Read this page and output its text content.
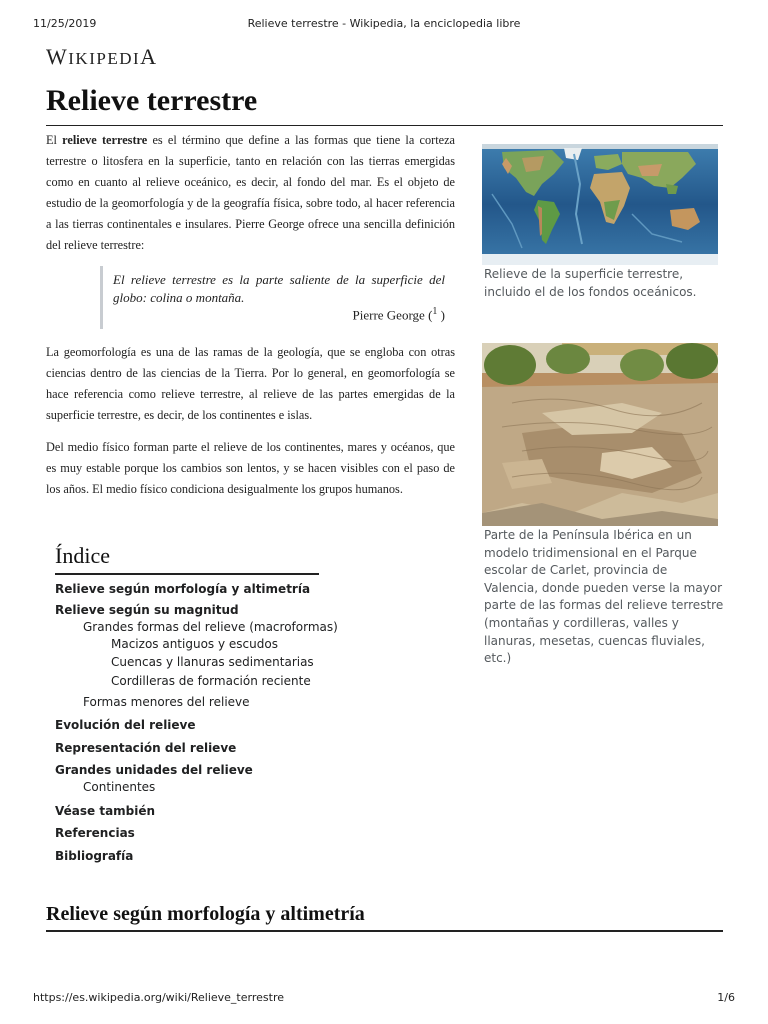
11/25/2019	Relieve terrestre - Wikipedia, la enciclopedia libre
WIKIPEDIA
Relieve terrestre

El relieve terrestre es el término que define a las formas que tiene la corteza terrestre o litosfera en la superficie, tanto en relación con las tierras emergidas como en cuanto al relieve oceánico, es decir, al fondo del mar. Es el objeto de estudio de la geomorfología y de la geografía física, sobre todo, al hacer referencia a las tierras continentales e insulares. Pierre George ofrece una sencilla definición del relieve terrestre:

El relieve terrestre es la parte saliente de la superficie del globo: colina o montaña.

Pierre George ($^1$ )

La geomorfología es una de las ramas de la geología, que se engloba con otras ciencias dentro de las ciencias de la Tierra. Por lo general, en geomorfología se hace referencia como relieve terrestre, al relieve de las partes emergidas de la superficie terrestre, es decir, de los continentes e islas.

Del medio físico forman parte el relieve de los continentes, mares y océanos, que es muy estable porque los cambios son lentos, y se hacen visibles con el paso de los años. El medio físico condiciona desigualmente los grupos humanos.

Relieve de la superficie terrestre, incluido el de los fondos oceánicos.

Parte de la Península Ibérica en un modelo tridimensional en el Parque escolar de Carlet, provincia de Valencia, donde pueden verse la mayor parte de las formas del relieve terrestre (montañas y cordilleras, valles y llanuras, mesetas, cuencas fluviales, etc.)

Índice
Relieve según morfología y altimetría
Relieve según su magnitud
Grandes formas del relieve (macroformas)
Macizos antiguos y escudos
Cuencas y llanuras sedimentarias
Cordilleras de formación reciente
Formas menores del relieve
Evolución del relieve
Representación del relieve
Grandes unidades del relieve
Continentes
Véase también
Referencias
Bibliografía
Relieve según morfología y altimetría
https://es.wikipedia.org/wiki/Relieve_terrestre	1/6
